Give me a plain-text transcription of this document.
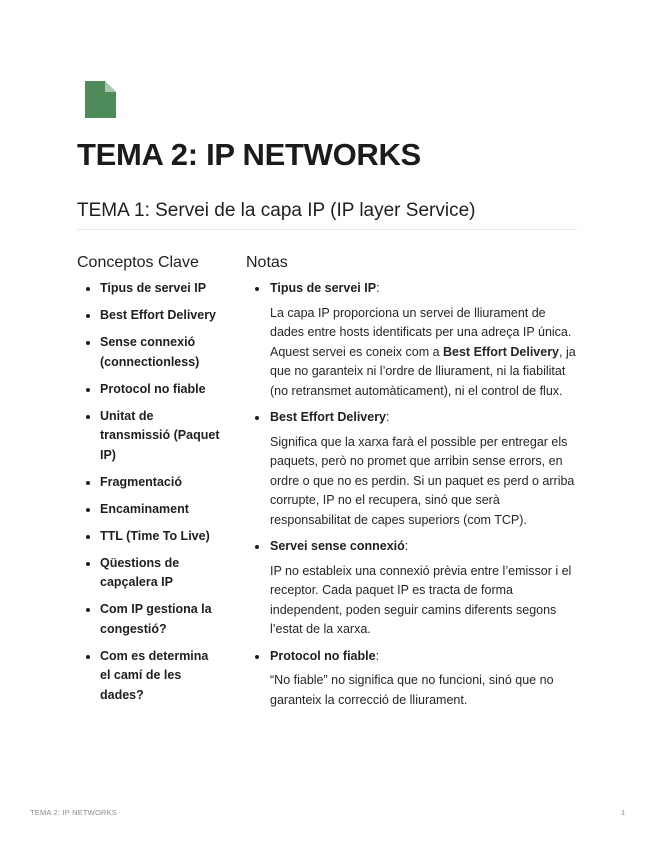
TEMA 2: IP NETWORKS
TEMA 1: Servei de la capa IP (IP layer Service)
Conceptos Clave
Tipus de servei IP
Best Effort Delivery
Sense connexió (connectionless)
Protocol no fiable
Unitat de transmissió (Paquet IP)
Fragmentació
Encaminament
TTL (Time To Live)
Qüestions de capçalera IP
Com IP gestiona la congestió?
Com es determina el camí de les dades?
Notas
Tipus de servei IP:

La capa IP proporciona un servei de lliurament de dades entre hosts identificats per una adreça IP única. Aquest servei es coneix com a Best Effort Delivery, ja que no garanteix ni l’ordre de lliurament, ni la fiabilitat (no retransmet automàticament), ni el control de flux.

Best Effort Delivery:

Significa que la xarxa farà el possible per entregar els paquets, però no promet que arribin sense errors, en ordre o que no es perdin. Si un paquet es perd o arriba corrupte, IP no el recupera, sinó que serà responsabilitat de capes superiors (com TCP).

Servei sense connexió:

IP no estableix una connexió prèvia entre l’emissor i el receptor. Cada paquet IP es tracta de forma independent, poden seguir camins diferents segons l’estat de la xarxa.

Protocol no fiable:

“No fiable” no significa que no funcioni, sinó que no garanteix la correcció de lliurament.

TEMA 2: IP NETWORKS	1
